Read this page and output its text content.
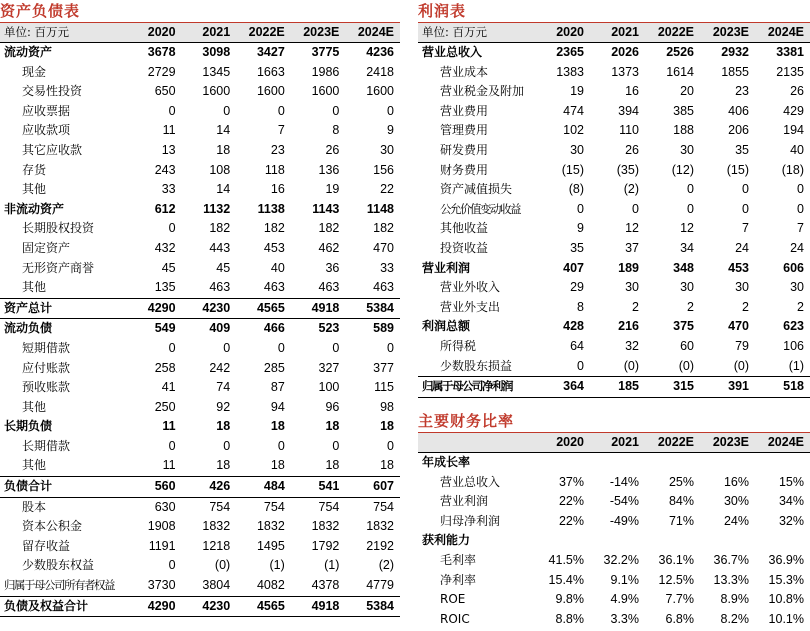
资产负债表
单位: 百万元	2020	2021	2022E	2023E	2024E
流动资产	3678	3098	3427	3775	4236
现金	2729	1345	1663	1986	2418
交易性投资	650	1600	1600	1600	1600
应收票据	0	0	0	0	0
应收款项	11	14	7	8	9
其它应收款	13	18	23	26	30
存货	243	108	118	136	156
其他	33	14	16	19	22
非流动资产	612	1132	1138	1143	1148
长期股权投资	0	182	182	182	182
固定资产	432	443	453	462	470
无形资产商誉	45	45	40	36	33
其他	135	463	463	463	463
资产总计	4290	4230	4565	4918	5384
流动负债	549	409	466	523	589
短期借款	0	0	0	0	0
应付账款	258	242	285	327	377
预收账款	41	74	87	100	115
其他	250	92	94	96	98
长期负债	11	18	18	18	18
长期借款	0	0	0	0	0
其他	11	18	18	18	18
负债合计	560	426	484	541	607
股本	630	754	754	754	754
资本公积金	1908	1832	1832	1832	1832
留存收益	1191	1218	1495	1792	2192
少数股东权益	0	(0)	(1)	(1)	(2)
归属于母公司所有者权益	3730	3804	4082	4378	4779
负债及权益合计	4290	4230	4565	4918	5384
利润表
单位: 百万元	2020	2021	2022E	2023E	2024E
营业总收入	2365	2026	2526	2932	3381
营业成本	1383	1373	1614	1855	2135
营业税金及附加	19	16	20	23	26
营业费用	474	394	385	406	429
管理费用	102	110	188	206	194
研发费用	30	26	30	35	40
财务费用	(15)	(35)	(12)	(15)	(18)
资产减值损失	(8)	(2)	0	0	0
公允价值变动收益	0	0	0	0	0
其他收益	9	12	12	7	7
投资收益	35	37	34	24	24
营业利润	407	189	348	453	606
营业外收入	29	30	30	30	30
营业外支出	8	2	2	2	2
利润总额	428	216	375	470	623
所得税	64	32	60	79	106
少数股东损益	0	(0)	(0)	(0)	(1)
归属于母公司净利润	364	185	315	391	518
主要财务比率
	2020	2021	2022E	2023E	2024E
年成长率					
营业总收入	37%	-14%	25%	16%	15%
营业利润	22%	-54%	84%	30%	34%
归母净利润	22%	-49%	71%	24%	32%
获利能力					
毛利率	41.5%	32.2%	36.1%	36.7%	36.9%
净利率	15.4%	9.1%	12.5%	13.3%	15.3%
ROE	9.8%	4.9%	7.7%	8.9%	10.8%
ROIC	8.8%	3.3%	6.8%	8.2%	10.1%
